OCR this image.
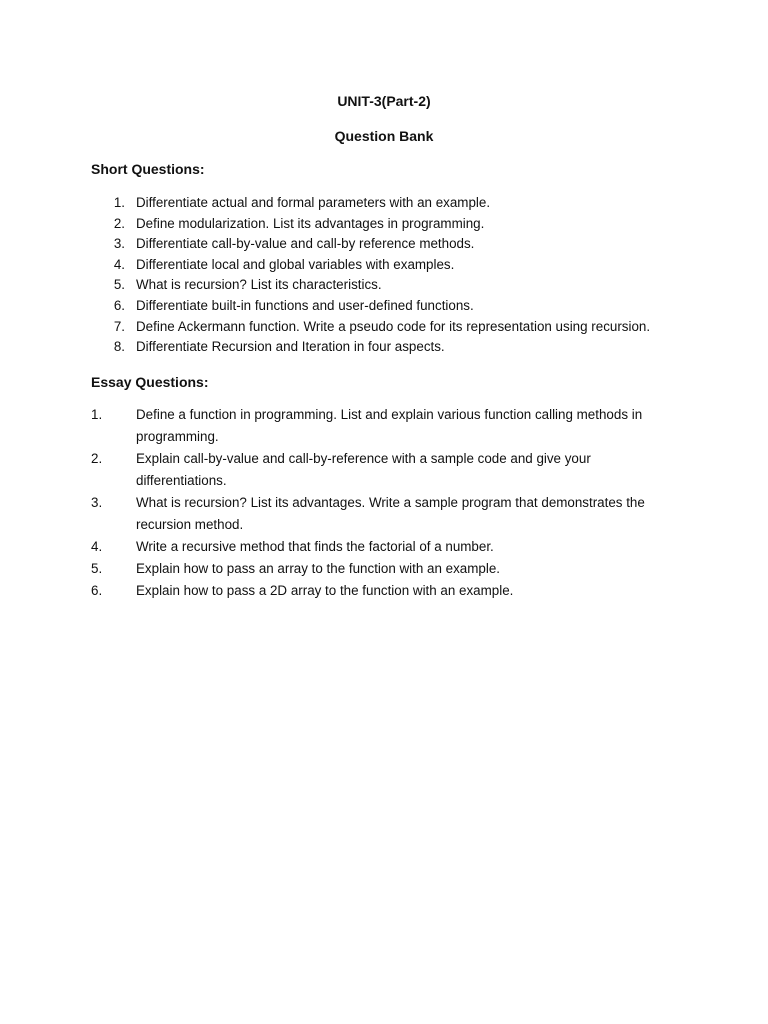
UNIT-3(Part-2)
Question Bank
Short Questions:
1. Differentiate actual and formal parameters with an example.
2. Define modularization. List its advantages in programming.
3. Differentiate call-by-value and call-by reference methods.
4. Differentiate local and global variables with examples.
5. What is recursion? List its characteristics.
6. Differentiate built-in functions and user-defined functions.
7. Define Ackermann function. Write a pseudo code for its representation using recursion.
8. Differentiate Recursion and Iteration in four aspects.
Essay Questions:
1.	Define a function in programming. List and explain various function calling methods in programming.
2.	Explain call-by-value and call-by-reference with a sample code and give your differentiations.
3.	What is recursion? List its advantages. Write a sample program that demonstrates the recursion method.
4.	Write a recursive method that finds the factorial of a number.
5.	Explain how to pass an array to the function with an example.
6.	Explain how to pass a 2D array to the function with an example.
